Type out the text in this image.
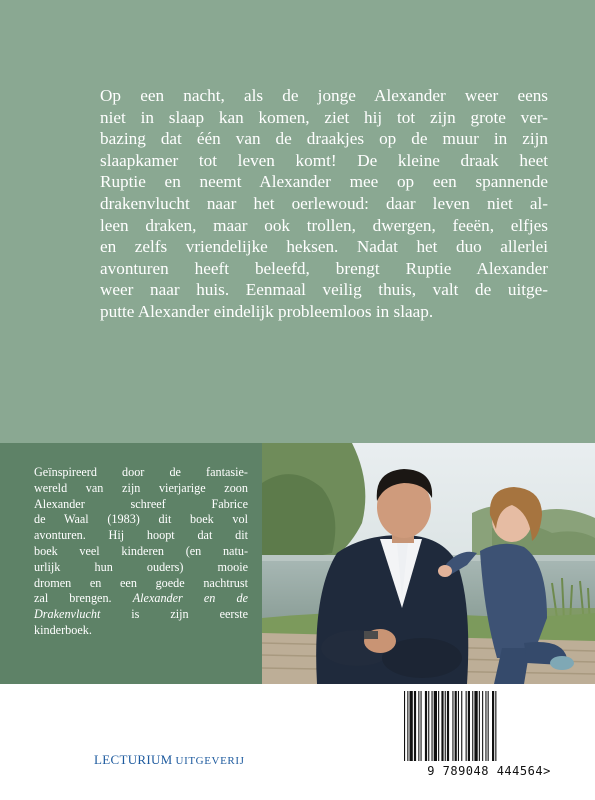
Op een nacht, als de jonge Alexander weer eens
niet in slaap kan komen, ziet hij tot zijn grote ver-
bazing dat één van de draakjes op de muur in zijn
slaapkamer tot leven komt! De kleine draak heet
Ruptie en neemt Alexander mee op een spannende
drakenvlucht naar het oerlewoud: daar leven niet al-
leen draken, maar ook trollen, dwergen, feeën, elfjes
en zelfs vriendelijke heksen. Nadat het duo allerlei
avonturen heeft beleefd, brengt Ruptie Alexander
weer naar huis. Eenmaal veilig thuis, valt de uitge-
putte Alexander eindelijk probleemloos in slaap.

Geïnspireerd door de fantasie-
wereld van zijn vierjarige zoon
Alexander schreef Fabrice
de Waal (1983) dit boek vol
avonturen. Hij hoopt dat dit
boek veel kinderen (en natu-
urlijk hun ouders) mooie
dromen en een goede nachtrust
zal brengen. Alexander en de
Drakenvlucht	is zijn eerste
kinderboek.

LECTURIUM UITGEVERIJ
9 789048 444564>
